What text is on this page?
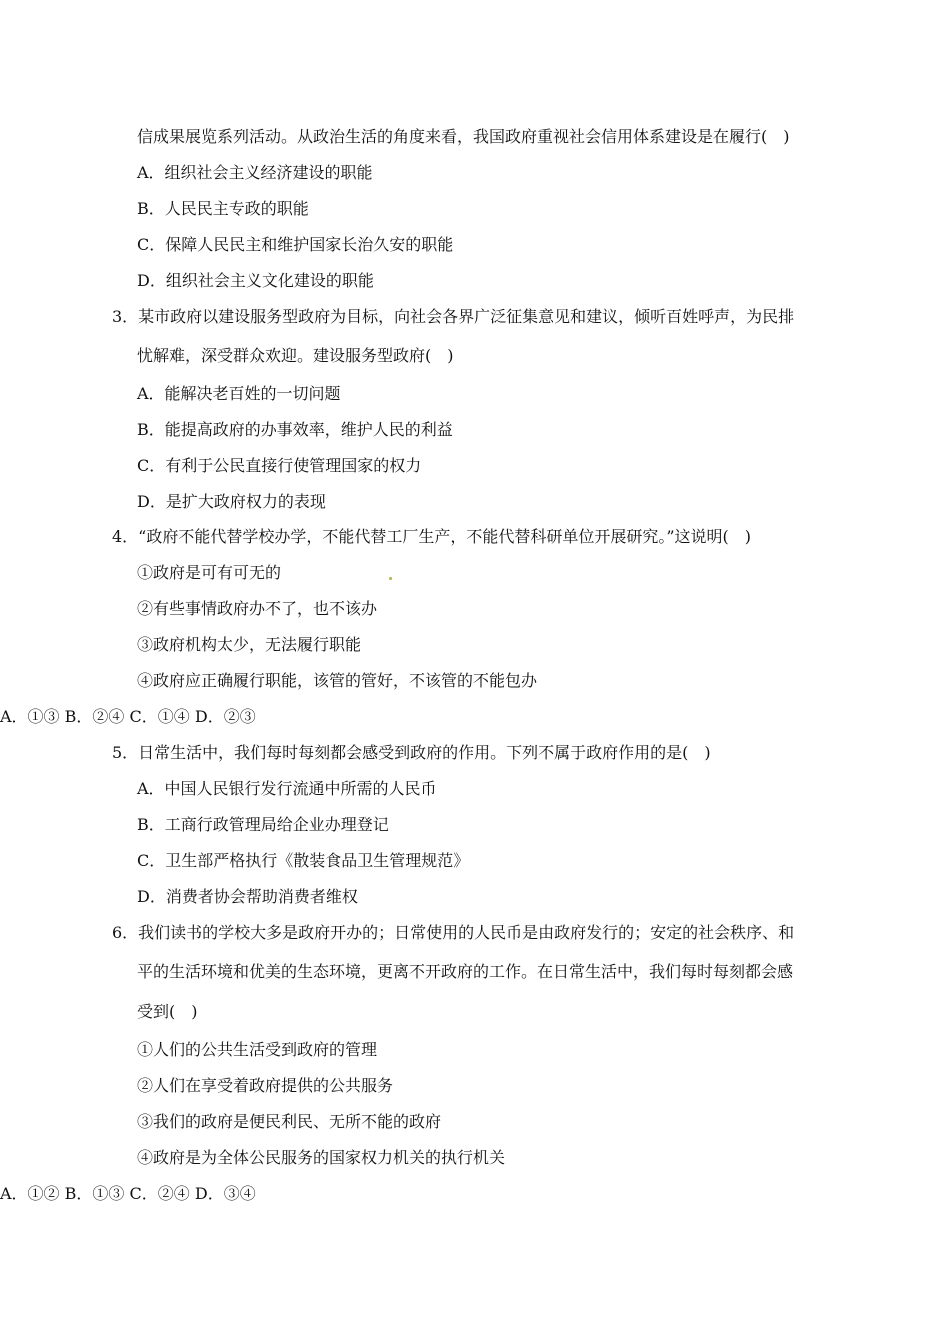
信成果展览系列活动。从政治生活的角度来看，我国政府重视社会信用体系建设是在履行(　)
A．组织社会主义经济建设的职能
B．人民民主专政的职能
C．保障人民民主和维护国家长治久安的职能
D．组织社会主义文化建设的职能
3．某市政府以建设服务型政府为目标，向社会各界广泛征集意见和建议，倾听百姓呼声，为民排
忧解难，深受群众欢迎。建设服务型政府(　)
A．能解决老百姓的一切问题
B．能提高政府的办事效率，维护人民的利益
C．有利于公民直接行使管理国家的权力
D．是扩大政府权力的表现
4．“政府不能代替学校办学，不能代替工厂生产，不能代替科研单位开展研究。”这说明(　)
①政府是可有可无的
②有些事情政府办不了，也不该办
③政府机构太少，无法履行职能
④政府应正确履行职能，该管的管好，不该管的不能包办
A．①③ B．②④ C．①④ D．②③
5．日常生活中，我们每时每刻都会感受到政府的作用。下列不属于政府作用的是(　)
A．中国人民银行发行流通中所需的人民币
B．工商行政管理局给企业办理登记
C．卫生部严格执行《散装食品卫生管理规范》
D．消费者协会帮助消费者维权
6．我们读书的学校大多是政府开办的；日常使用的人民币是由政府发行的；安定的社会秩序、和
平的生活环境和优美的生态环境，更离不开政府的工作。在日常生活中，我们每时每刻都会感
受到(　)
①人们的公共生活受到政府的管理
②人们在享受着政府提供的公共服务
③我们的政府是便民利民、无所不能的政府
④政府是为全体公民服务的国家权力机关的执行机关
A．①② B．①③ C．②④ D．③④
